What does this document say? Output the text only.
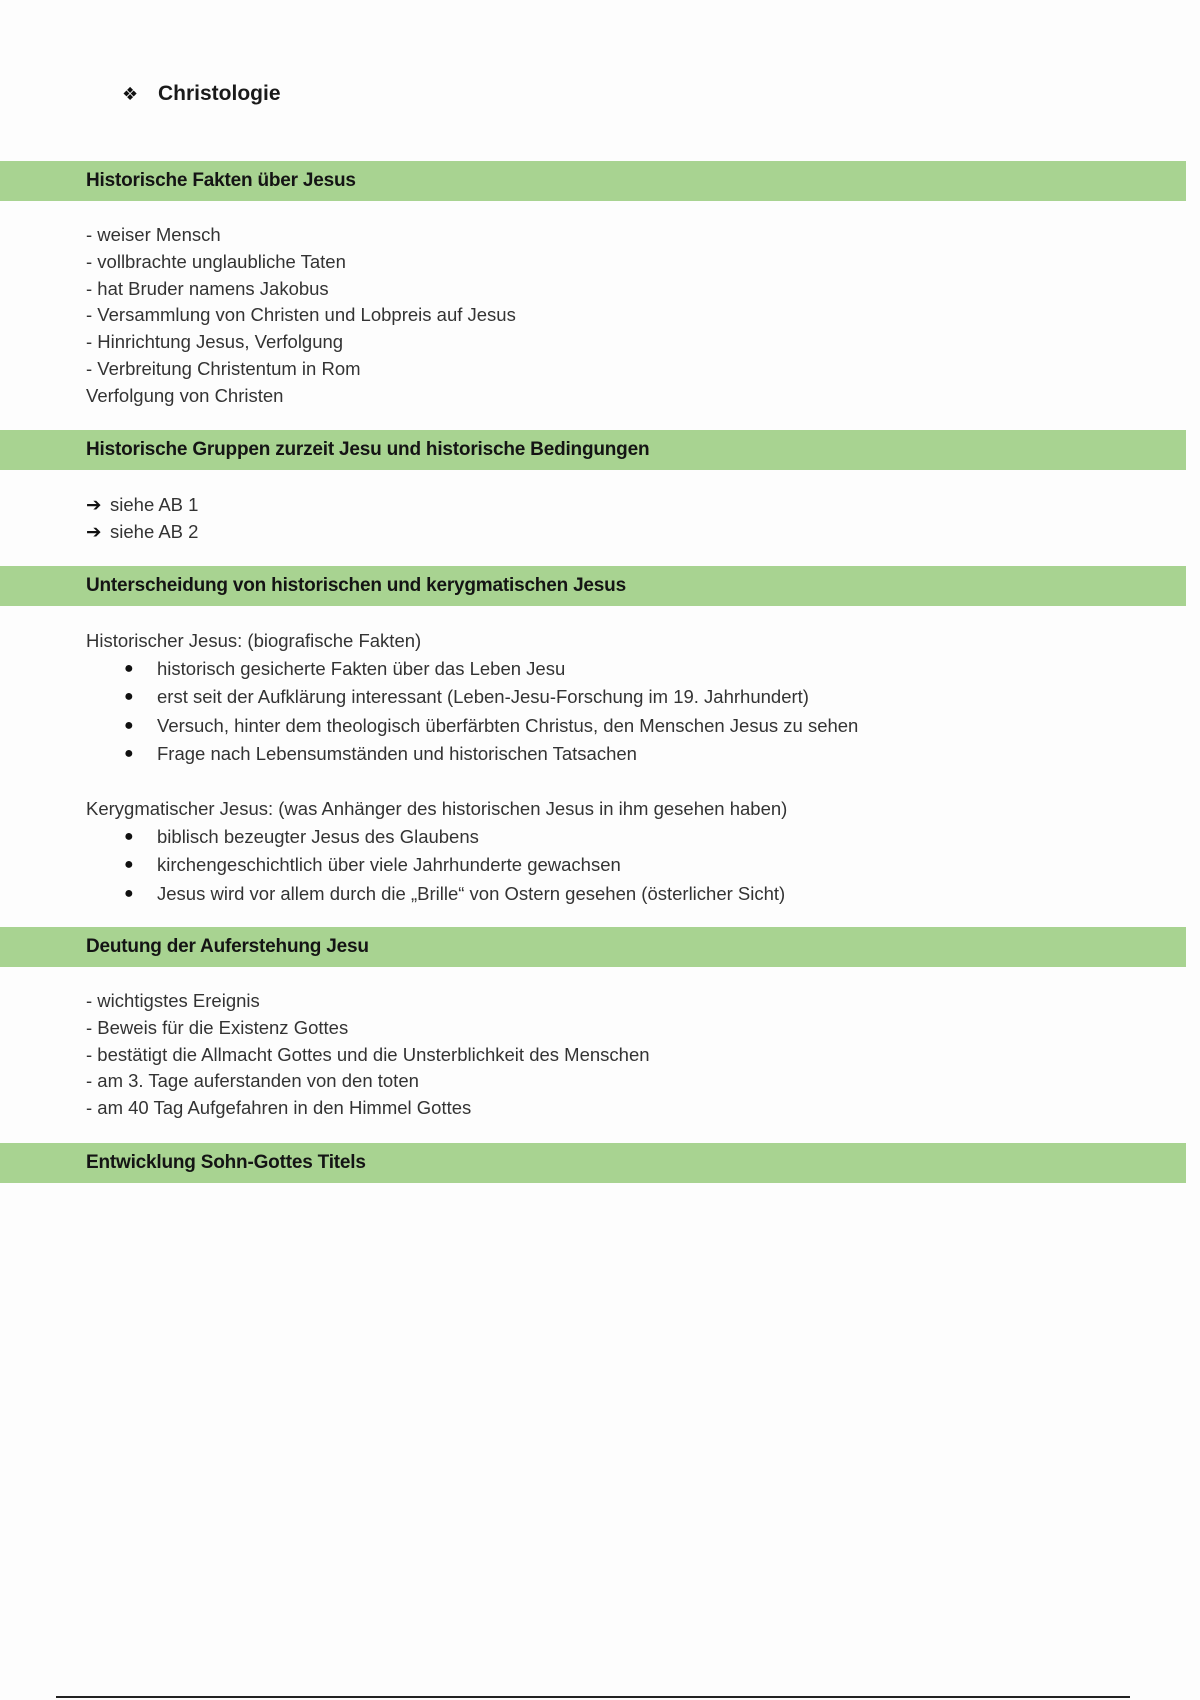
❖ Christologie
Historische Fakten über Jesus
- weiser Mensch
- vollbrachte unglaubliche Taten
- hat Bruder namens Jakobus
- Versammlung von Christen und Lobpreis auf Jesus
- Hinrichtung Jesus, Verfolgung
- Verbreitung Christentum in Rom
Verfolgung von Christen
Historische Gruppen zurzeit Jesu und historische Bedingungen
➔ siehe AB 1
➔ siehe AB 2
Unterscheidung von historischen und kerygmatischen Jesus
Historischer Jesus: (biografische Fakten)
● historisch gesicherte Fakten über das Leben Jesu
● erst seit der Aufklärung interessant (Leben-Jesu-Forschung im 19. Jahrhundert)
● Versuch, hinter dem theologisch überfärbten Christus, den Menschen Jesus zu sehen
● Frage nach Lebensumständen und historischen Tatsachen
Kerygmatischer Jesus: (was Anhänger des historischen Jesus in ihm gesehen haben)
● biblisch bezeugter Jesus des Glaubens
● kirchengeschichtlich über viele Jahrhunderte gewachsen
● Jesus wird vor allem durch die „Brille“ von Ostern gesehen (österlicher Sicht)
Deutung der Auferstehung Jesu
- wichtigstes Ereignis
- Beweis für die Existenz Gottes
- bestätigt die Allmacht Gottes und die Unsterblichkeit des Menschen
- am 3. Tage auferstanden von den toten
- am 40 Tag Aufgefahren in den Himmel Gottes
Entwicklung Sohn-Gottes Titels
